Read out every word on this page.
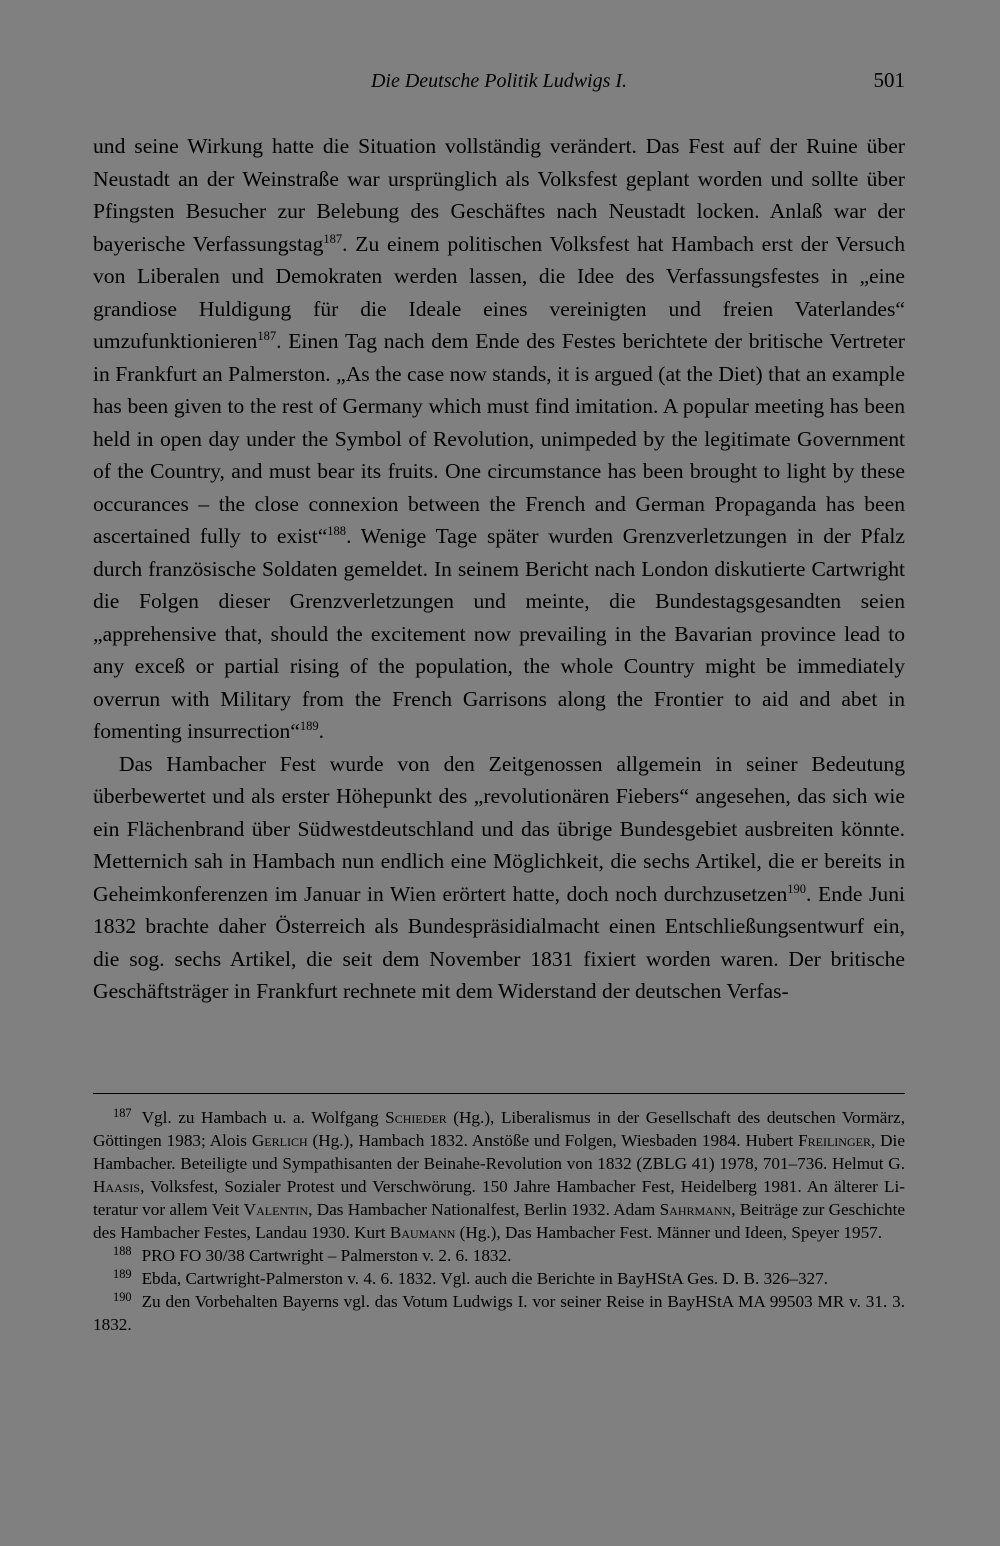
Die Deutsche Politik Ludwigs I.	501

und seine Wirkung hatte die Situation vollständig verändert. Das Fest auf der Ruine über Neustadt an der Weinstraße war ursprünglich als Volksfest geplant worden und sollte über Pfingsten Besucher zur Belebung des Geschäftes nach Neustadt locken. Anlaß war der bayerische Verfassungstag$^{187}$. Zu einem politischen Volksfest hat Hambach erst der Versuch von Liberalen und Demokraten werden lassen, die Idee des Verfassungsfestes in „eine grandiose Huldigung für die Ideale eines vereinigten und freien Vaterlandes“ umzufunktionieren$^{187}$. Einen Tag nach dem Ende des Festes berichtete der britische Vertreter in Frankfurt an Palmerston. „As the case now stands, it is argued (at the Diet) that an example has been given to the rest of Germany which must find imitation. A popular meeting has been held in open day under the Symbol of Revolution, unimpeded by the legitimate Government of the Country, and must bear its fruits. One circumstance has been brought to light by these occurances – the close connexion between the French and German Propaganda has been ascertained fully to exist“$^{188}$. Wenige Tage später wurden Grenzverletzungen in der Pfalz durch französische Soldaten gemeldet. In seinem Bericht nach London diskutierte Cartwright die Folgen dieser Grenzverletzungen und meinte, die Bundestagsgesandten seien „apprehensive that, should the excitement now prevailing in the Bavarian province lead to any exceß or partial rising of the population, the whole Country might be immediately overrun with Military from the French Garrisons along the Frontier to aid and abet in fomenting insurrection“$^{189}$.

Das Hambacher Fest wurde von den Zeitgenossen allgemein in seiner Bedeutung überbewertet und als erster Höhepunkt des „revolutionären Fiebers“ angesehen, das sich wie ein Flächenbrand über Südwestdeutschland und das übrige Bundesgebiet ausbreiten könnte. Metternich sah in Hambach nun endlich eine Möglichkeit, die sechs Artikel, die er bereits in Geheimkonferenzen im Januar in Wien erörtert hatte, doch noch durchzusetzen$^{190}$. Ende Juni 1832 brachte daher Österreich als Bundespräsidialmacht einen Entschließungsentwurf ein, die sog. sechs Artikel, die seit dem November 1831 fixiert worden waren. Der britische Geschäftsträger in Frankfurt rechnete mit dem Widerstand der deutschen Verfas-

$^{187}$ Vgl. zu Hambach u. a. Wolfgang Schieder (Hg.), Liberalismus in der Gesellschaft des deutschen Vormärz, Göttingen 1983; Alois Gerlich (Hg.), Hambach 1832. Anstöße und Folgen, Wiesbaden 1984. Hubert Freilinger, Die Hambacher. Beteiligte und Sympathisanten der Beinahe-Revolution von 1832 (ZBLG 41) 1978, 701–736. Helmut G. Haasis, Volksfest, Sozialer Protest und Verschwörung. 150 Jahre Hambacher Fest, Heidelberg 1981. An älterer Literatur vor allem Veit Valentin, Das Hambacher Nationalfest, Berlin 1932. Adam Sahrmann, Beiträge zur Geschichte des Hambacher Festes, Landau 1930. Kurt Baumann (Hg.), Das Hambacher Fest. Männer und Ideen, Speyer 1957.

$^{188}$ PRO FO 30/38 Cartwright – Palmerston v. 2. 6. 1832.

$^{189}$ Ebda, Cartwright-Palmerston v. 4. 6. 1832. Vgl. auch die Berichte in BayHStA Ges. D. B. 326–327.

$^{190}$ Zu den Vorbehalten Bayerns vgl. das Votum Ludwigs I. vor seiner Reise in BayHStA MA 99503 MR v. 31. 3. 1832.
